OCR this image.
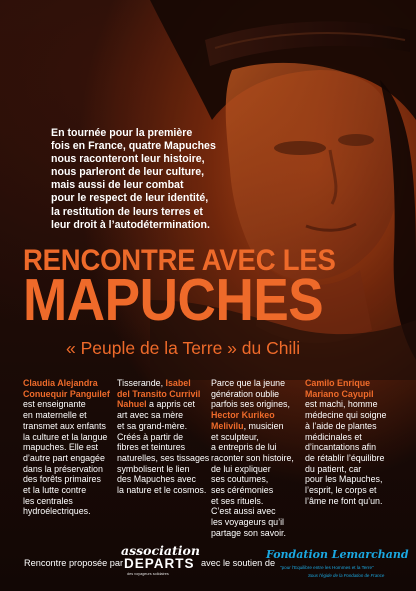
En tournée pour la première
fois en France, quatre Mapuches
nous raconteront leur histoire,
nous parleront de leur culture,
mais aussi de leur combat
pour le respect de leur identité,
la restitution de leurs terres et
leur droit à l’autodétermination.

RENCONTRE AVEC LES
MAPUCHES

« Peuple de la Terre » du Chili

Claudia Alejandra
Conuequir Panguilef
est enseignante
en maternelle et
transmet aux enfants
la culture et la langue
mapuches. Elle est
d’autre part engagée
dans la préservation
des forêts primaires
et la lutte contre
les centrales
hydroélectriques.
Tisserande, Isabel
del Transito Currivil
Nahuel a appris cet
art avec sa mère
et sa grand-mère.
Créés à partir de
fibres et teintures
naturelles, ses tissages
symbolisent le lien
des Mapuches avec
la nature et le cosmos.
Parce que la jeune
génération oublie
parfois ses origines,
Hector Kurikeo
Melivilu, musicien
et sculpteur,
a entrepris de lui
raconter son histoire,
de lui expliquer
ses coutumes,
ses cérémonies
et ses rituels.
C’est aussi avec
les voyageurs qu’il
partage son savoir.
Camilo Enrique
Mariano Cayupil
est machi, homme
médecine qui soigne
à l’aide de plantes
médicinales et
d’incantations afin
de rétablir l’équilibre
du patient, car
pour les Mapuches,
l’esprit, le corps et
l’âme ne font qu’un.
Rencontre proposée par
association
DEPARTS
des voyageurs solidaires
avec le soutien de
Fondation Lemarchand
"pour l'Equilibre entre les Hommes et la Terre"
Sous l'égide de la Fondation de France
